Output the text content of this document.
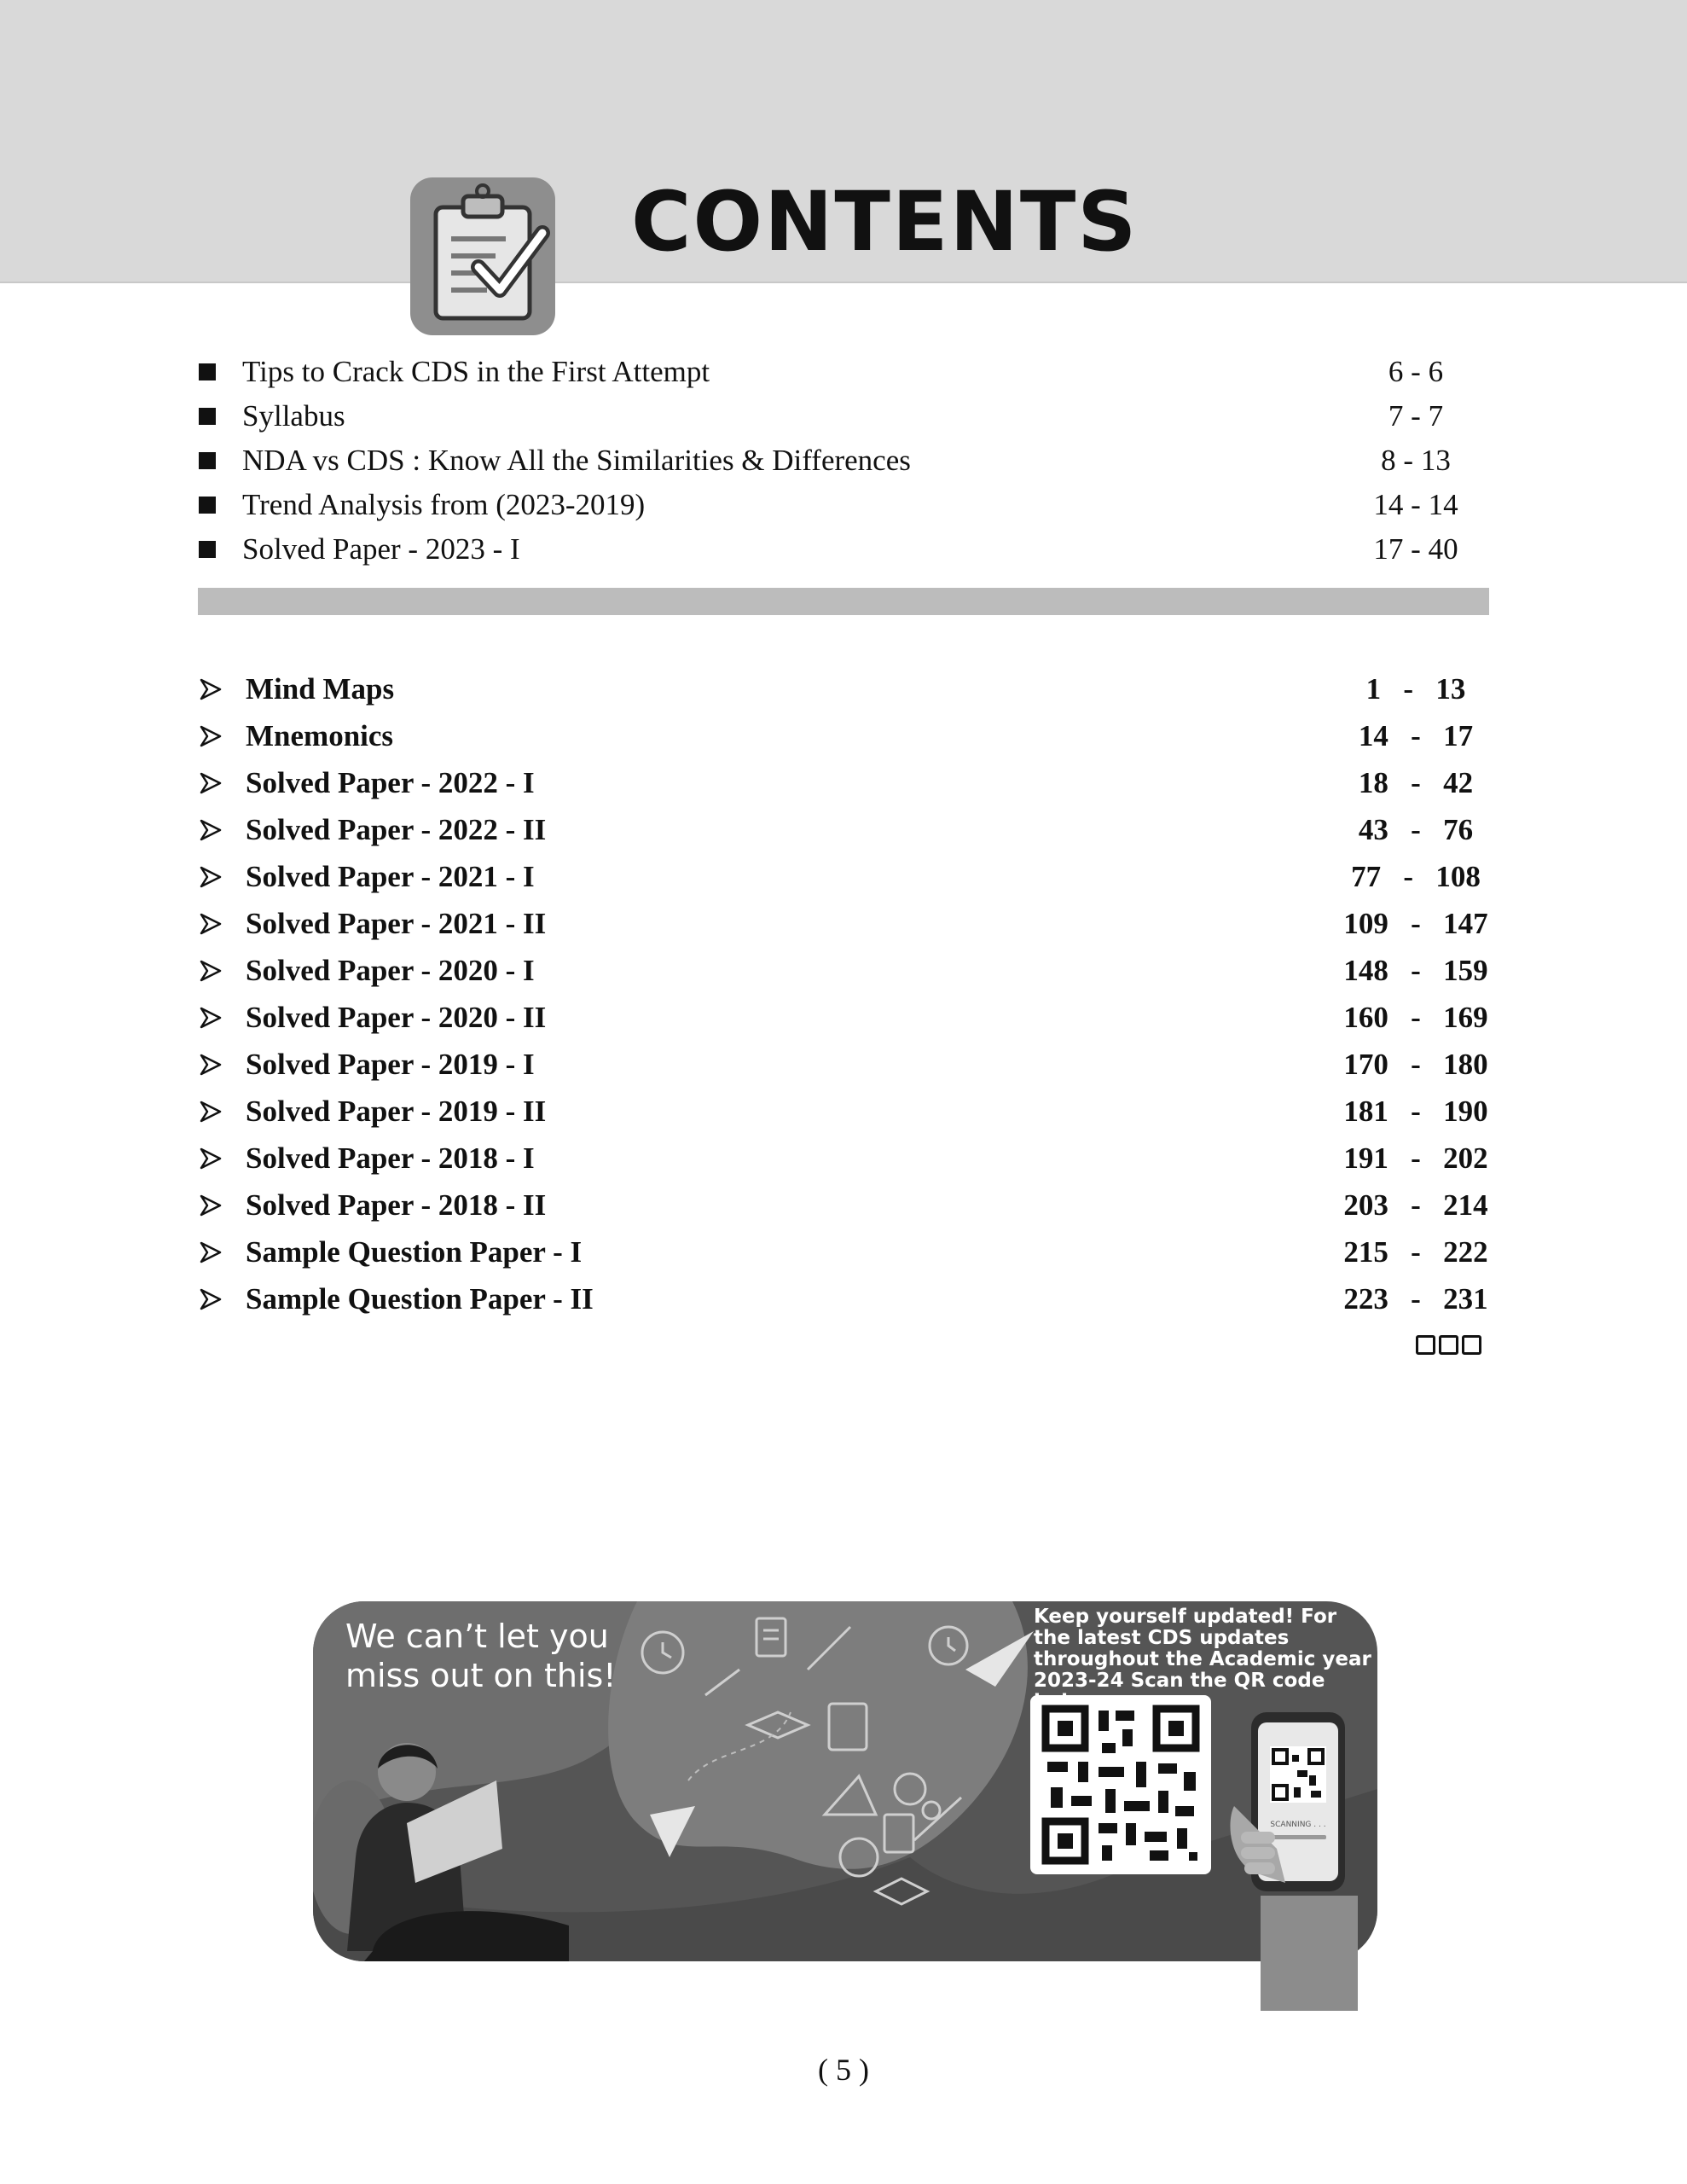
CONTENTS
Tips to Crack CDS in the First Attempt	6 - 6
Syllabus	7 - 7
NDA vs CDS : Know All the Similarities & Differences	8 - 13
Trend Analysis from (2023-2019)	14 - 14
Solved Paper - 2023 - I	17 - 40
Mind Maps	1   -   13
Mnemonics	14   -   17
Solved Paper - 2022 - I	18   -   42
Solved Paper - 2022 - II	43   -   76
Solved Paper - 2021 - I	77   -   108
Solved Paper - 2021 - II	109   -   147
Solved Paper - 2020 - I	148   -   159
Solved Paper - 2020 - II	160   -   169
Solved Paper - 2019 - I	170   -   180
Solved Paper - 2019 - II	181   -   190
Solved Paper - 2018 - I	191   -   202
Solved Paper - 2018 - II	203   -   214
Sample Question Paper - I	215   -   222
Sample Question Paper - II	223   -   231
We can’t let you miss out on this!
Keep yourself updated! For the latest CDS updates throughout the Academic year 2023-24 Scan the QR code
SCANNING . . .
( 5 )
